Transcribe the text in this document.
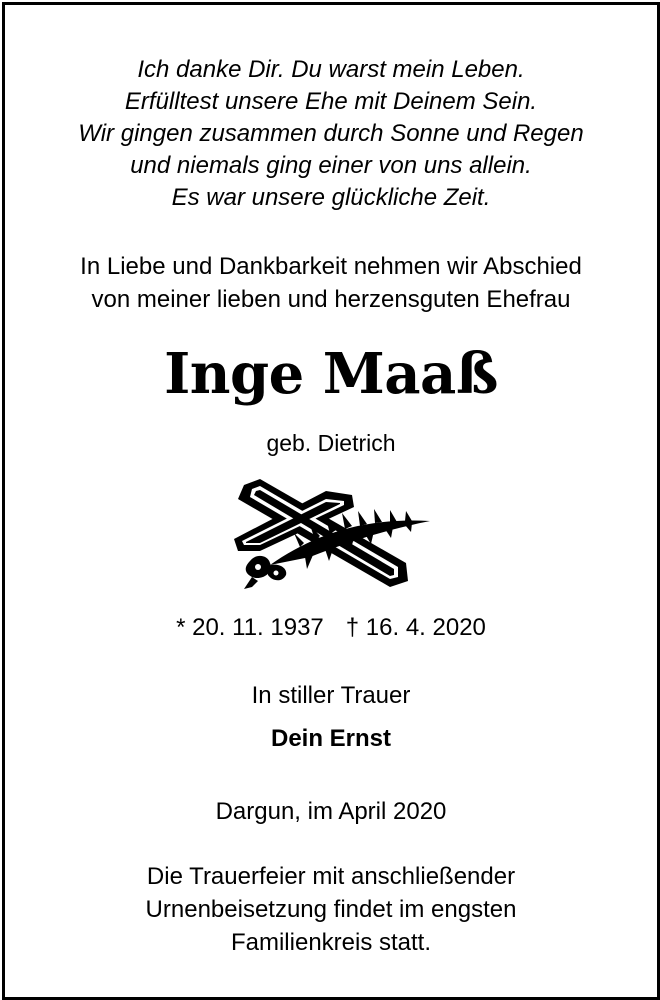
Ich danke Dir. Du warst mein Leben.
Erfülltest unsere Ehe mit Deinem Sein.
Wir gingen zusammen durch Sonne und Regen
und niemals ging einer von uns allein.
Es war unsere glückliche Zeit.
In Liebe und Dankbarkeit nehmen wir Abschied
von meiner lieben und herzensguten Ehefrau
Inge Maaß
geb. Dietrich
* 20. 11. 1937 † 16. 4. 2020
In stiller Trauer
Dein Ernst
Dargun, im April 2020
Die Trauerfeier mit anschließender
Urnenbeisetzung findet im engsten
Familienkreis statt.
